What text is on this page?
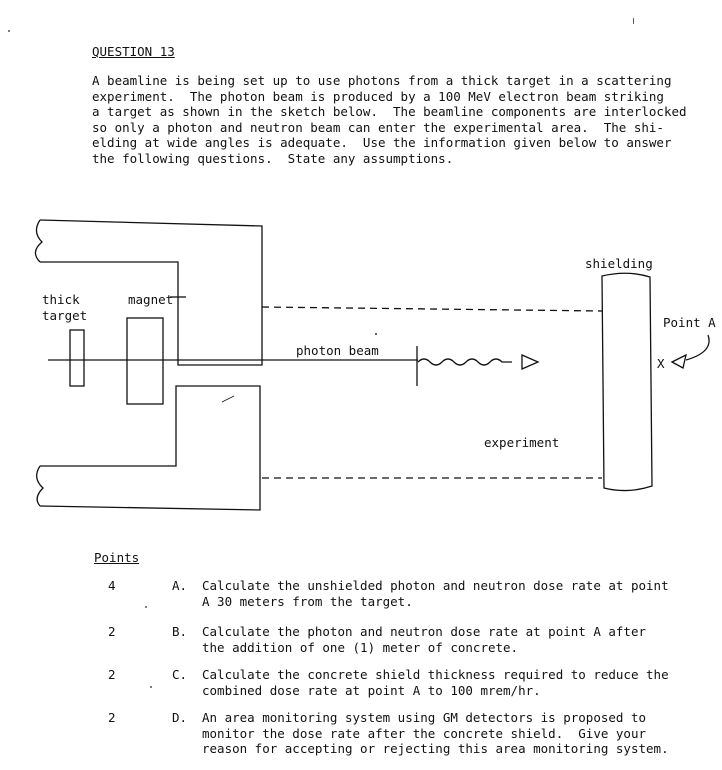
QUESTION 13
A beamline is being set up to use photons from a thick target in a scattering
experiment.  The photon beam is produced by a 100 MeV electron beam striking
a target as shown in the sketch below.  The beamline components are interlocked
so only a photon and neutron beam can enter the experimental area.  The shi-
elding at wide angles is adequate.  Use the information given below to answer
the following questions.  State any assumptions.
thick
target
magnet
photon beam
shielding
Point A
X
experiment
Points
4	A. Calculate the unshielded photon and neutron dose rate at point
A 30 meters from the target.
2	B. Calculate the photon and neutron dose rate at point A after
the addition of one (1) meter of concrete.
2	C. Calculate the concrete shield thickness required to reduce the
combined dose rate at point A to 100 mrem/hr.
2	D. An area monitoring system using GM detectors is proposed to
monitor the dose rate after the concrete shield.  Give your
reason for accepting or rejecting this area monitoring system.
